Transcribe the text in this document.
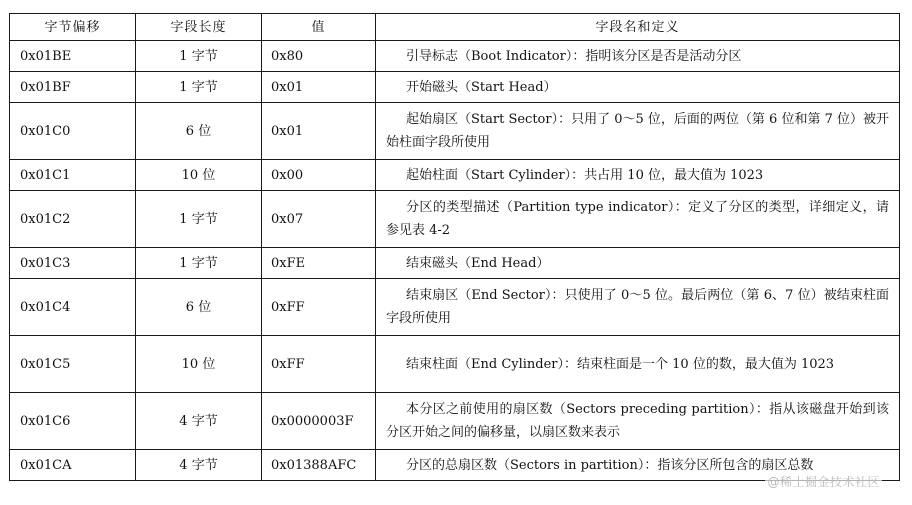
字节偏移	字段长度	值	字段名和定义
0x01BE	1 字节	0x80	引导标志（Boot Indicator）：指明该分区是否是活动分区
0x01BF	1 字节	0x01	开始磁头（Start Head）
0x01C0	6 位	0x01	起始扇区（Start Sector）：只用了 0～5 位，后面的两位（第 6 位和第 7 位）被开始柱面字段所使用
0x01C1	10 位	0x00	起始柱面（Start Cylinder）：共占用 10 位，最大值为 1023
0x01C2	1 字节	0x07	分区的类型描述（Partition type indicator）：定义了分区的类型，详细定义，请参见表 4-2
0x01C3	1 字节	0xFE	结束磁头（End Head）
0x01C4	6 位	0xFF	结束扇区（End Sector）：只使用了 0～5 位。最后两位（第 6、7 位）被结束柱面字段所使用
0x01C5	10 位	0xFF	结束柱面（End Cylinder）：结束柱面是一个 10 位的数，最大值为 1023
0x01C6	4 字节	0x0000003F	本分区之前使用的扇区数（Sectors preceding partition）：指从该磁盘开始到该分区开始之间的偏移量，以扇区数来表示
0x01CA	4 字节	0x01388AFC	分区的总扇区数（Sectors in partition）：指该分区所包含的扇区总数
@稀土掘金技术社区
